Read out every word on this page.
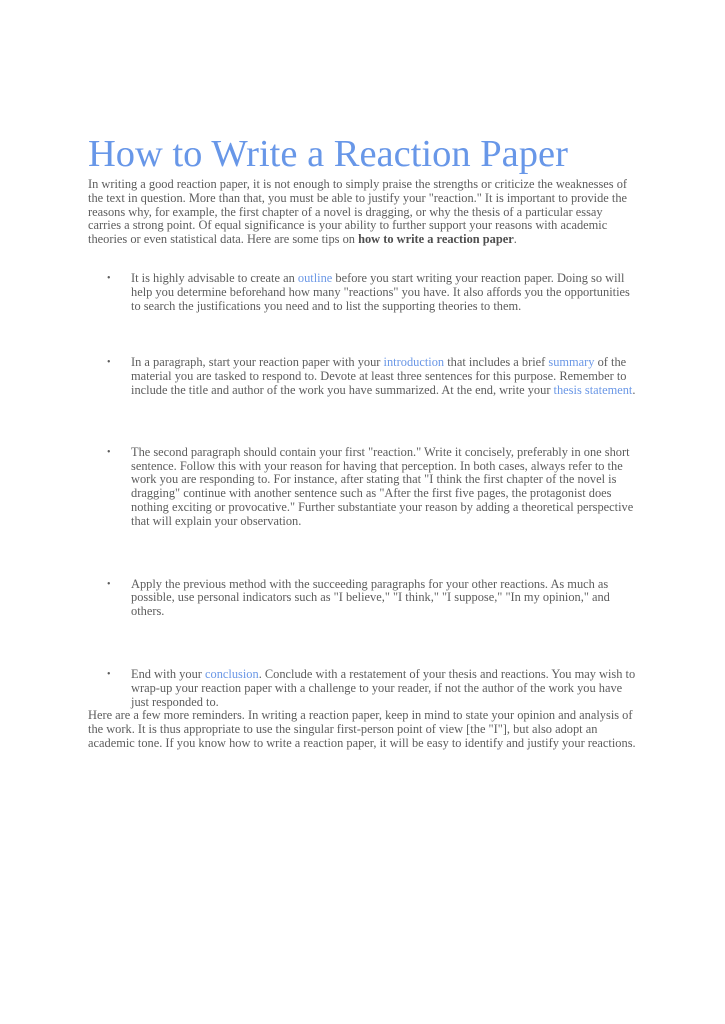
How to Write a Reaction Paper

In writing a good reaction paper, it is not enough to simply praise the strengths or criticize the weaknesses of the text in question. More than that, you must be able to justify your "reaction." It is important to provide the reasons why, for example, the first chapter of a novel is dragging, or why the thesis of a particular essay carries a strong point. Of equal significance is your ability to further support your reasons with academic theories or even statistical data. Here are some tips on how to write a reaction paper.

• It is highly advisable to create an outline before you start writing your reaction paper. Doing so will help you determine beforehand how many "reactions" you have. It also affords you the opportunities to search the justifications you need and to list the supporting theories to them.
• In a paragraph, start your reaction paper with your introduction that includes a brief summary of the material you are tasked to respond to. Devote at least three sentences for this purpose. Remember to include the title and author of the work you have summarized. At the end, write your thesis statement.
• The second paragraph should contain your first "reaction." Write it concisely, preferably in one short sentence. Follow this with your reason for having that perception. In both cases, always refer to the work you are responding to. For instance, after stating that "I think the first chapter of the novel is dragging" continue with another sentence such as "After the first five pages, the protagonist does nothing exciting or provocative." Further substantiate your reason by adding a theoretical perspective that will explain your observation.
• Apply the previous method with the succeeding paragraphs for your other reactions. As much as possible, use personal indicators such as "I believe," "I think," "I suppose," "In my opinion," and others.
• End with your conclusion. Conclude with a restatement of your thesis and reactions. You may wish to wrap-up your reaction paper with a challenge to your reader, if not the author of the work you have just responded to.

Here are a few more reminders. In writing a reaction paper, keep in mind to state your opinion and analysis of the work. It is thus appropriate to use the singular first-person point of view [the "I"], but also adopt an academic tone. If you know how to write a reaction paper, it will be easy to identify and justify your reactions.
